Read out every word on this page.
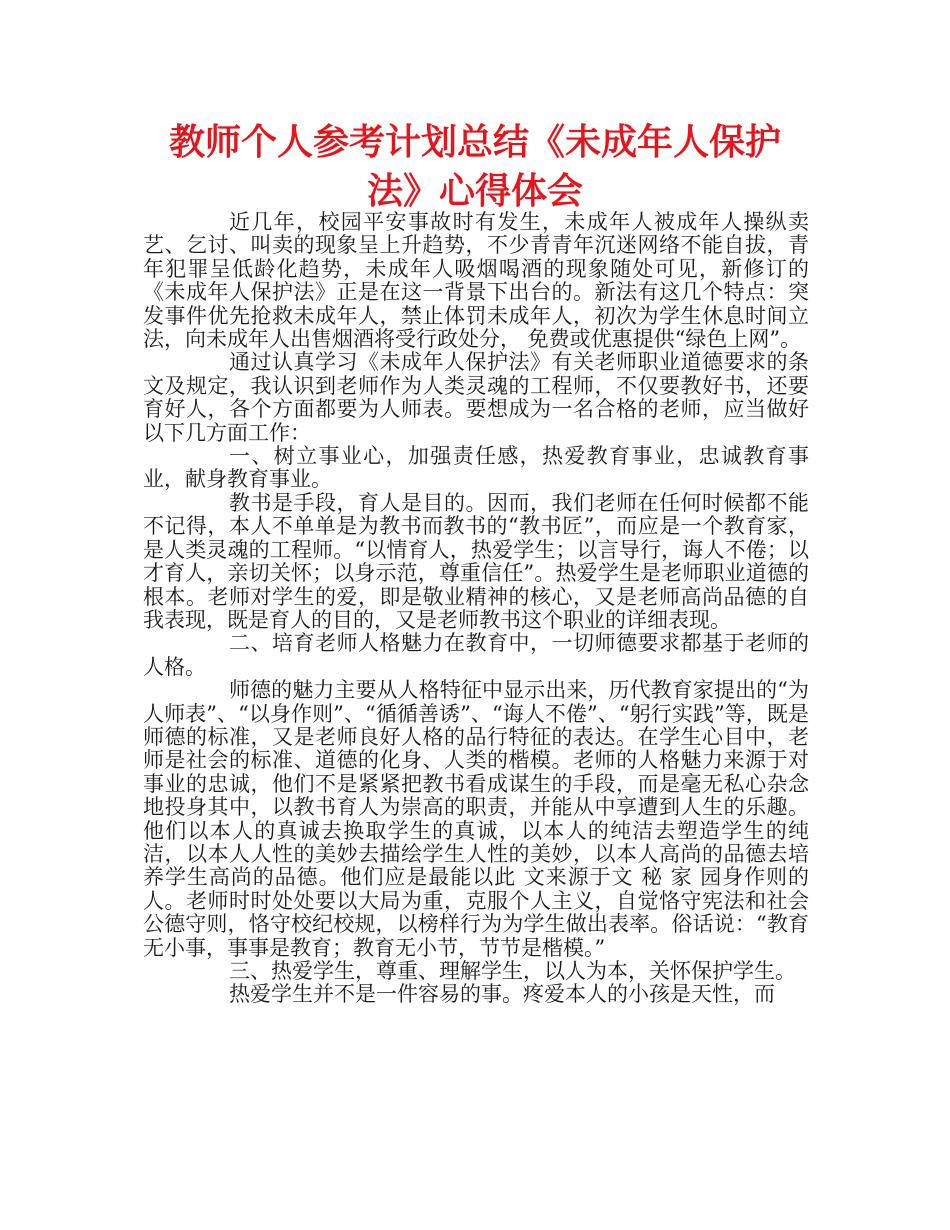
教师个人参考计划总结《未成年人保护法》心得体会

近几年，校园平安事故时有发生，未成年人被成年人操纵卖艺、乞讨、叫卖的现象呈上升趋势，不少青青年沉迷网络不能自拔，青年犯罪呈低龄化趋势，未成年人吸烟喝酒的现象随处可见，新修订的《未成年人保护法》正是在这一背景下出台的。新法有这几个特点：突发事件优先抢救未成年人，禁止体罚未成年人，初次为学生休息时间立法，向未成年人出售烟酒将受行政处分， 免费或优惠提供“绿色上网”。

通过认真学习《未成年人保护法》有关老师职业道德要求的条文及规定，我认识到老师作为人类灵魂的工程师，不仅要教好书，还要育好人，各个方面都要为人师表。要想成为一名合格的老师，应当做好以下几方面工作：

一、树立事业心，加强责任感，热爱教育事业，忠诚教育事业，献身教育事业。

教书是手段，育人是目的。因而，我们老师在任何时候都不能不记得，本人不单单是为教书而教书的“教书匠”，而应是一个教育家，是人类灵魂的工程师。“以情育人，热爱学生；以言导行，诲人不倦；以才育人，亲切关怀；以身示范，尊重信任”。热爱学生是老师职业道德的根本。老师对学生的爱，即是敬业精神的核心，又是老师高尚品德的自我表现，既是育人的目的，又是老师教书这个职业的详细表现。

二、培育老师人格魅力在教育中，一切师德要求都基于老师的人格。

师德的魅力主要从人格特征中显示出来，历代教育家提出的“为人师表”、“以身作则”、“循循善诱”、“诲人不倦”、“躬行实践”等，既是师德的标准，又是老师良好人格的品行特征的表达。在学生心目中，老师是社会的标准、道德的化身、人类的楷模。老师的人格魅力来源于对事业的忠诚，他们不是紧紧把教书看成谋生的手段，而是毫无私心杂念地投身其中，以教书育人为崇高的职责，并能从中享遭到人生的乐趣。他们以本人的真诚去换取学生的真诚，以本人的纯洁去塑造学生的纯洁，以本人人性的美妙去描绘学生人性的美妙，以本人高尚的品德去培养学生高尚的品德。他们应是最能以此 文来源于文 秘 家 园身作则的人。老师时时处处要以大局为重，克服个人主义，自觉恪守宪法和社会公德守则，恪守校纪校规，以榜样行为为学生做出表率。俗话说：“教育无小事，事事是教育；教育无小节，节节是楷模。”

三、热爱学生，尊重、理解学生，以人为本，关怀保护学生。

热爱学生并不是一件容易的事。疼爱本人的小孩是天性，而
